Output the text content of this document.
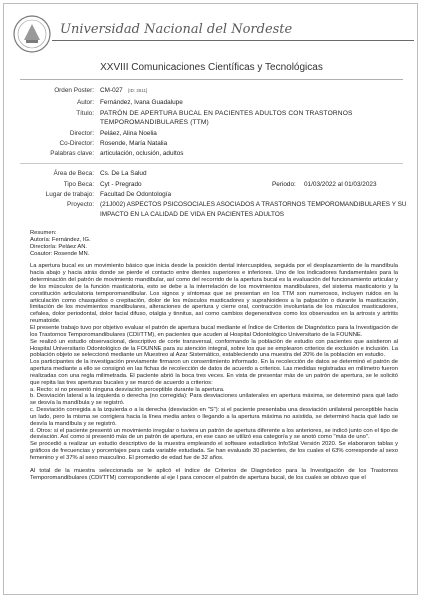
Universidad Nacional del Nordeste
XXVIII Comunicaciones Científicas y Tecnológicas
Orden Poster: CM-027 [ID: 2611]
Autor: Fernández, Ivana Guadalupe
Título: PATRÓN DE APERTURA BUCAL EN PACIENTES ADULTOS CON TRASTORNOS
TEMPOROMANDIBULARES (TTM)
Director: Peláez, Alina Noelia
Co-Director: Rosende, María Natalia
Palabras clave: articulación, oclusión, adultos
Área de Beca: Cs. De La Salud
Tipo Beca: Cyt - Pregrado	Periodo: 01/03/2022 al 01/03/2023
Lugar de trabajo: Facultad De Odontología
Proyecto: (21J002) ASPECTOS PSICOSOCIALES ASOCIADOS A TRASTORNOS TEMPOROMANDIBULARES Y SU
IMPACTO EN LA CALIDAD DE VIDA EN PACIENTES ADULTOS

Resumen:

Autoría: Fernández, IG.

Directoría: Peláez AN.

Coautor: Rosende MN.

La apertura bucal es un movimiento básico que inicia desde la posición dental intercuspidea, seguida por el desplazamiento de la mandíbula hacia abajo y hacia atrás donde se pierde el contacto entre dientes superiores e inferiores. Uno de los indicadores fundamentales para la determinación del patrón de movimiento mandibular, así como del recorrido de la apertura bucal es la evaluación del funcionamiento articular y de los músculos de la función masticatoria, esto se debe a la interrelación de los movimientos mandibulares, del sistema masticatorio y la constitución articulatoria temporomandibular. Los signos y síntomas que se presentan en los TTM son numerosos, incluyen ruidos en la articulación como chasquidos o crepitación, dolor de los músculos masticadores y suprahioideos a la palpación o durante la masticación, limitación de los movimientos mandibulares, alteraciones de apertura y cierre oral, contracción involuntaria de los músculos masticadores, cefalea, dolor periodontal, dolor facial difuso, otalgia y tinnitus, así como cambios degenerativos como los observados en la artrosis y artritis reumatoide.

El presente trabajo tuvo por objetivo evaluar el patrón de apertura bucal mediante el Índice de Criterios de Diagnóstico para la Investigación de los Trastornos Temporomandibulares (CDI/TTM), en pacientes que acuden al Hospital Odontológico Universitario de la FOUNNE.

Se realizó un estudio observacional, descriptivo de corte transversal, conformando la población de estudio con pacientes que asistieron al Hospital Universitario Odontológico de la FOUNNE para su atención integral, sobre los que se emplearon criterios de exclusión e inclusión. La población objeto se seleccionó mediante un Muestreo al Azar Sistemático, estableciendo una muestra del 20% de la población en estudio.

Los participantes de la investigación previamente firmaron un consentimiento informado. En la recolección de datos se determinó el patrón de apertura mediante a ello se consignó en las fichas de recolección de datos de acuerdo a criterios. Las medidas registradas en milímetro fueron realizadas con una regla milimetrada. El paciente abrió la boca tres veces. En vista de presentar más de un patrón de apertura, se le solicitó que repita las tres aperturas bucales y se marcó de acuerdo a criterios:

a. Recto: si no presentó ninguna desviación perceptible durante la apertura.

b. Desviación lateral a la izquierda o derecha (no corregida): Para desviaciones unilaterales en apertura máxima, se determinó para qué lado se desvía la mandíbula y se registró.

c. Desviación corregida a la izquierda o a la derecha (desviación en "S"): si el paciente presentaba una desviación unilateral perceptible hacia un lado, pero la misma se corrigiera hacia la línea media antes o llegando a la apertura máxima no asistida, se determinó hacia qué lado se desvía la mandíbula y se registró.

d. Otros: si el paciente presentó un movimiento irregular o tuviera un patrón de apertura diferente a los anteriores, se indicó junto con el tipo de desviación. Así como si presentó más de un patrón de apertura, en ese caso se utilizó esa categoría y se anotó como "más de uno".

Se procedió a realizar un estudio descriptivo de la muestra empleando el software estadístico InfoStat Versión 2020. Se elaboraron tablas y gráficos de frecuencias y porcentajes para cada variable estudiada. Se han evaluado 30 pacientes, de los cuales el 63% corresponde al sexo femenino y el 37% al sexo masculino. El promedio de edad fue de 32 años.

Al total de la muestra seleccionada se le aplicó el índice de Criterios de Diagnóstico para la Investigación de los Trastornos Temporomandibulares (CDI/TTM) correspondiente al eje I para conocer el patrón de apertura bucal, de los cuales se obtuvo que el
